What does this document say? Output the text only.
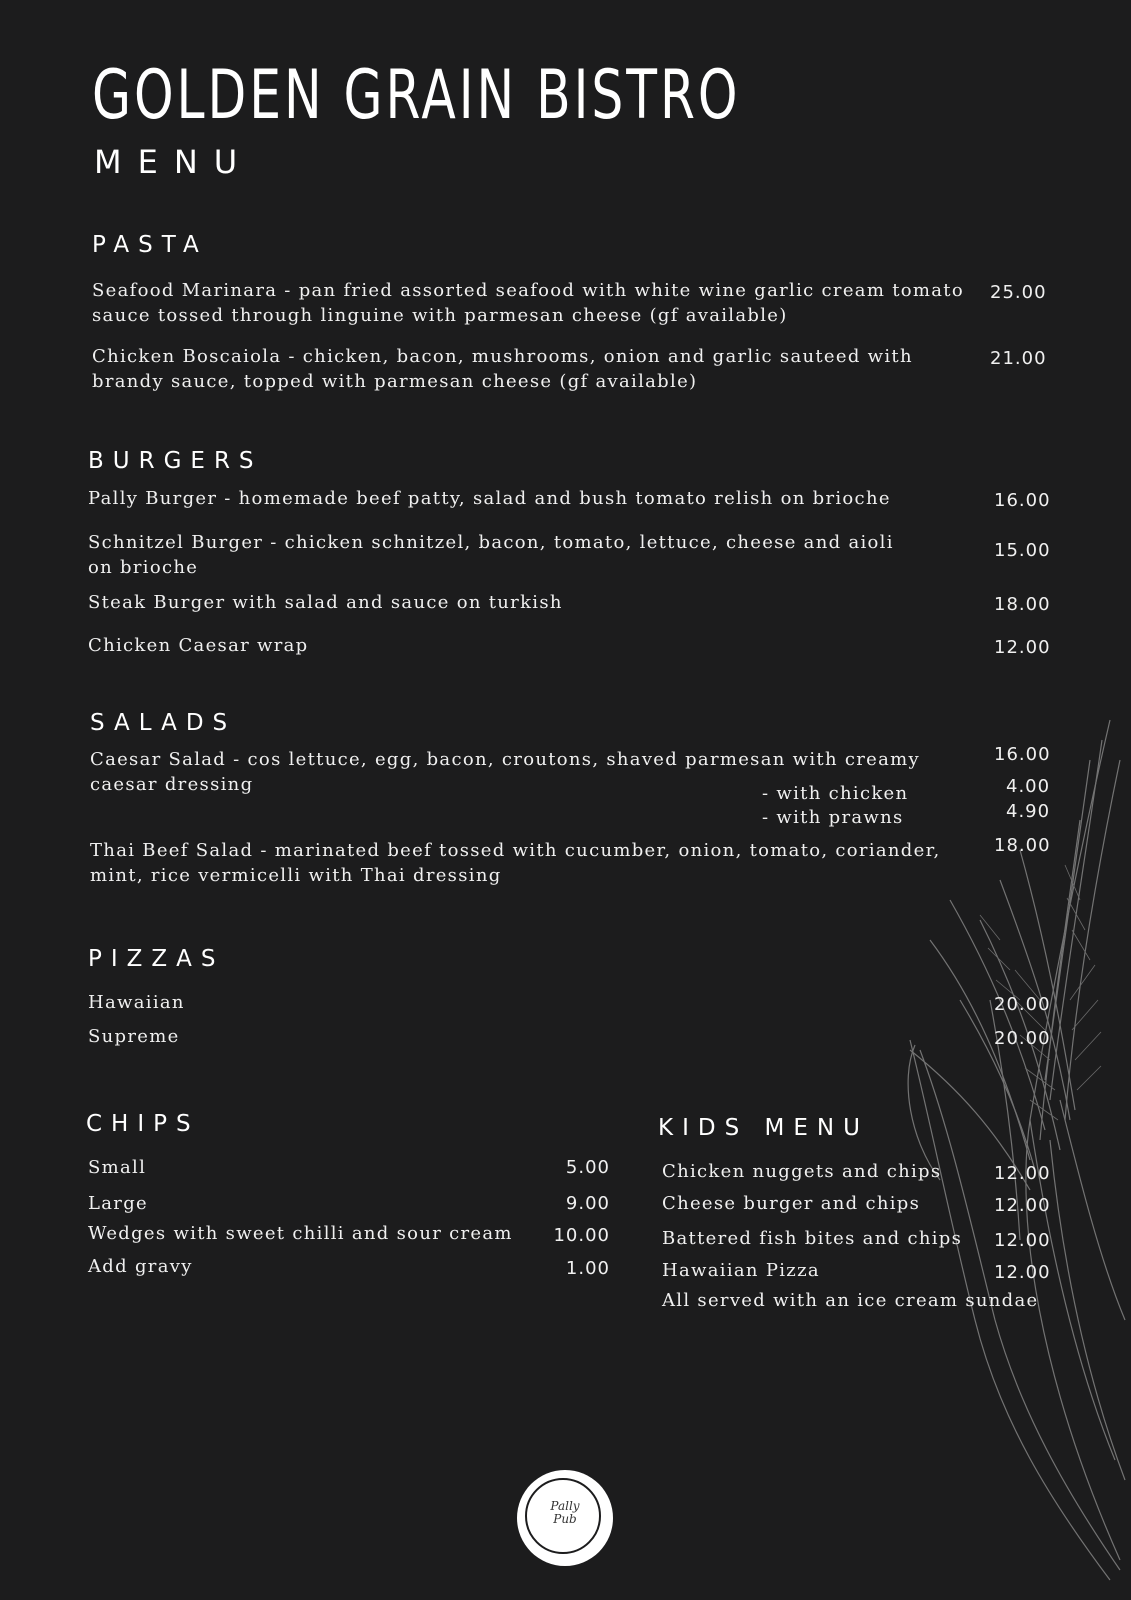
GOLDEN GRAIN BISTRO
MENU
PASTA
Seafood Marinara - pan fried assorted seafood with white wine garlic cream tomato
sauce tossed through linguine with parmesan cheese (gf available)
25.00
Chicken Boscaiola - chicken, bacon, mushrooms, onion and garlic sauteed with
brandy sauce, topped with parmesan cheese (gf available)
21.00
BURGERS
Pally Burger - homemade beef patty, salad and bush tomato relish on brioche	16.00
Schnitzel Burger - chicken schnitzel, bacon, tomato, lettuce, cheese and aioli
on brioche
15.00
Steak Burger with salad and sauce on turkish	18.00
Chicken Caesar wrap	12.00
SALADS
Caesar Salad - cos lettuce, egg, bacon, croutons, shaved parmesan with creamy
caesar dressing
16.00
- with chicken	4.00
- with prawns	4.90
Thai Beef Salad - marinated beef tossed with cucumber, onion, tomato, coriander,
mint, rice vermicelli with Thai dressing
18.00
PIZZAS
Hawaiian	20.00
Supreme	20.00
CHIPS
Small	5.00
Large	9.00
Wedges with sweet chilli and sour cream	10.00
Add gravy	1.00
KIDS MENU
Chicken nuggets and chips	12.00
Cheese burger and chips	12.00
Battered fish bites and chips 12.00
Hawaiian Pizza	12.00
All served with an ice cream sundae
Pally
Pub
